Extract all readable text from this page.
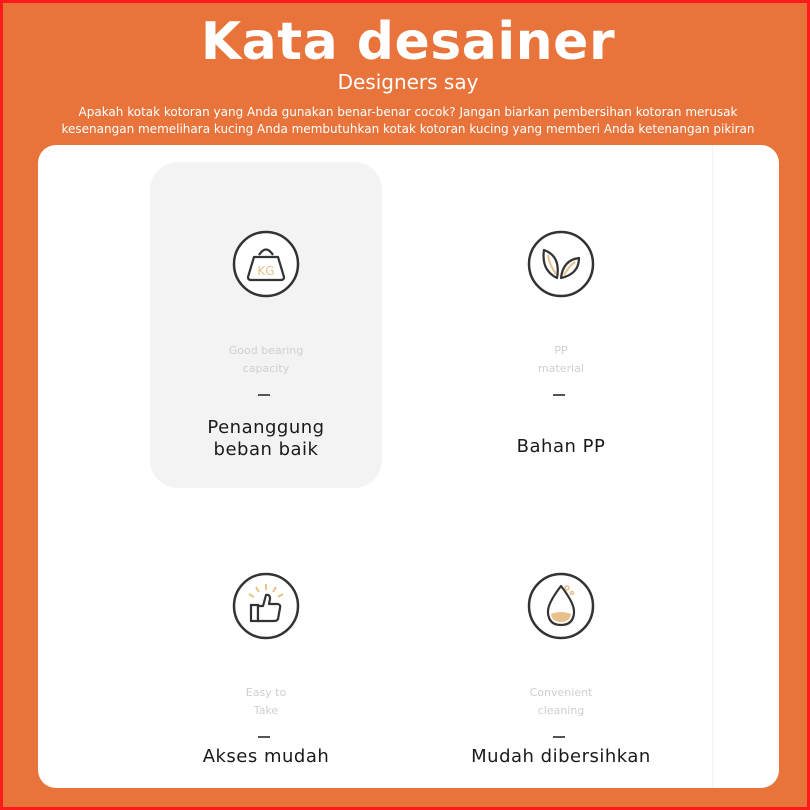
Kata desainer
Designers say
Apakah kotak kotoran yang Anda gunakan benar-benar cocok? Jangan biarkan pembersihan kotoran merusak
kesenangan memelihara kucing Anda membutuhkan kotak kotoran kucing yang memberi Anda ketenangan pikiran
KG
Good bearing
capacity
Penanggung
beban baik
PP
material
Bahan PP
Easy to
Take
Akses mudah
Convenient
cleaning
Mudah dibersihkan
